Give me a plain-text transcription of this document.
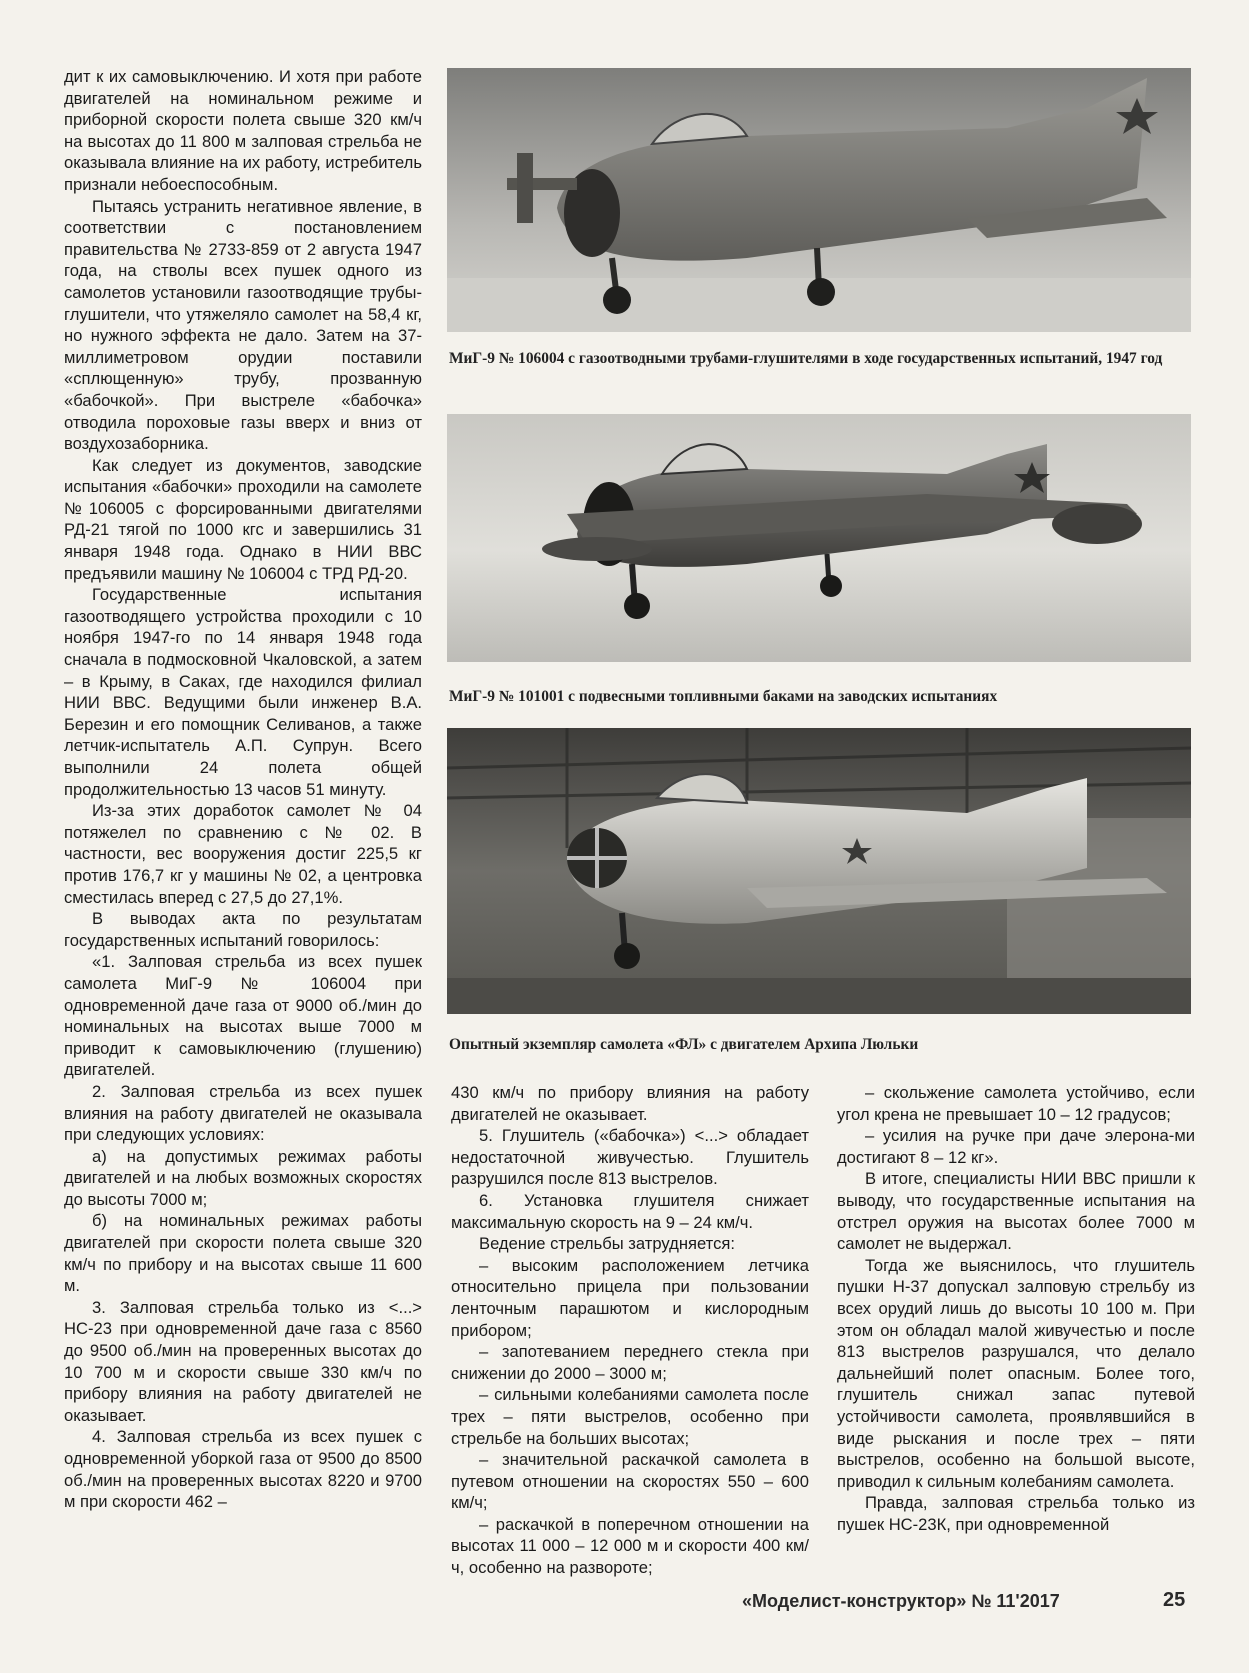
дит к их самовыключению. И хотя при работе двигателей на номинальном режиме и приборной скорости полета свыше 320 км/ч на высотах до 11 800 м залповая стрельба не оказывала влияние на их работу, истребитель признали небоеспособным.

Пытаясь устранить негативное явление, в соответствии с постановлением правительства № 2733-859 от 2 августа 1947 года, на стволы всех пушек одного из самолетов установили газоотводящие трубы-глушители, что утяжеляло самолет на 58,4 кг, но нужного эффекта не дало. Затем на 37-миллиметровом орудии поставили «сплющенную» трубу, прозванную «бабочкой». При выстреле «бабочка» отводила пороховые газы вверх и вниз от воздухозаборника.

Как следует из документов, заводские испытания «бабочки» проходили на самолете №106005 с форсированными двигателями РД-21 тягой по 1000 кгс и завершились 31 января 1948 года. Однако в НИИ ВВС предъявили машину № 106004 с ТРД РД-20.

Государственные испытания газоотводящего устройства проходили с 10 ноября 1947-го по 14 января 1948 года сначала в подмосковной Чкаловской, а затем – в Крыму, в Саках, где находился филиал НИИ ВВС. Ведущими были инженер В.А. Березин и его помощник Селиванов, а также летчик-испытатель А.П. Супрун. Всего выполнили 24 полета общей продолжительностью 13 часов 51 минуту.

Из-за этих доработок самолет № 04 потяжелел по сравнению с № 02. В частности, вес вооружения достиг 225,5 кг против 176,7 кг у машины № 02, а центровка сместилась вперед с 27,5 до 27,1%.

В выводах акта по результатам государственных испытаний говорилось:

«1. Залповая стрельба из всех пушек самолета МиГ-9 № 106004 при одновременной даче газа от 9000 об./мин до номинальных на высотах выше 7000 м приводит к самовыключению (глушению) двигателей.

2. Залповая стрельба из всех пушек влияния на работу двигателей не оказывала при следующих условиях:

а) на допустимых режимах работы двигателей и на любых возможных скоростях до высоты 7000 м;

б) на номинальных режимах работы двигателей при скорости полета свыше 320 км/ч по прибору и на высотах свыше 11 600 м.

3. Залповая стрельба только из <...> НС-23 при одновременной даче газа с 8560 до 9500 об./мин на проверенных высотах до 10 700 м и скорости свыше 330 км/ч по прибору влияния на работу двигателей не оказывает.

4. Залповая стрельба из всех пушек с одновременной уборкой газа от 9500 до 8500 об./мин на проверенных высотах 8220 и 9700 м при скорости 462 –

430 км/ч по прибору влияния на работу двигателей не оказывает.

5. Глушитель («бабочка») <...> обладает недостаточной живучестью. Глушитель разрушился после 813 выстрелов.

6. Установка глушителя снижает максимальную скорость на 9 – 24 км/ч.

Ведение стрельбы затрудняется:

– высоким расположением летчика относительно прицела при пользовании ленточным парашютом и кислородным прибором;

– запотеванием переднего стекла при снижении до 2000 – 3000 м;

– сильными колебаниями самолета после трех – пяти выстрелов, особенно при стрельбе на больших высотах;

– значительной раскачкой самолета в путевом отношении на скоростях 550 – 600 км/ч;

– раскачкой в поперечном отношении на высотах 11 000 – 12 000 м и скорости 400 км/ч, особенно на развороте;

– скольжение самолета устойчиво, если угол крена не превышает 10 – 12 градусов;

– усилия на ручке при даче элерона-ми достигают 8 – 12 кг».

В итоге, специалисты НИИ ВВС пришли к выводу, что государственные испытания на отстрел оружия на высотах более 7000 м самолет не выдержал.

Тогда же выяснилось, что глушитель пушки Н-37 допускал залповую стрельбу из всех орудий лишь до высоты 10 100 м. При этом он обладал малой живучестью и после 813 выстрелов разрушался, что делало дальнейший полет опасным. Более того, глушитель снижал запас путевой устойчивости самолета, проявлявшийся в виде рыскания и после трех – пяти выстрелов, особенно на большой высоте, приводил к сильным колебаниям самолета.

Правда, залповая стрельба только из пушек НС-23К, при одновременной

МиГ-9 № 106004 с газоотводными трубами-глушителями в ходе государственных испытаний, 1947 год
МиГ-9 № 101001 с подвесными топливными баками на заводских испытаниях
Опытный экземпляр самолета «ФЛ» с двигателем Архипа Люльки
«Моделист-конструктор» № 11'2017	25
